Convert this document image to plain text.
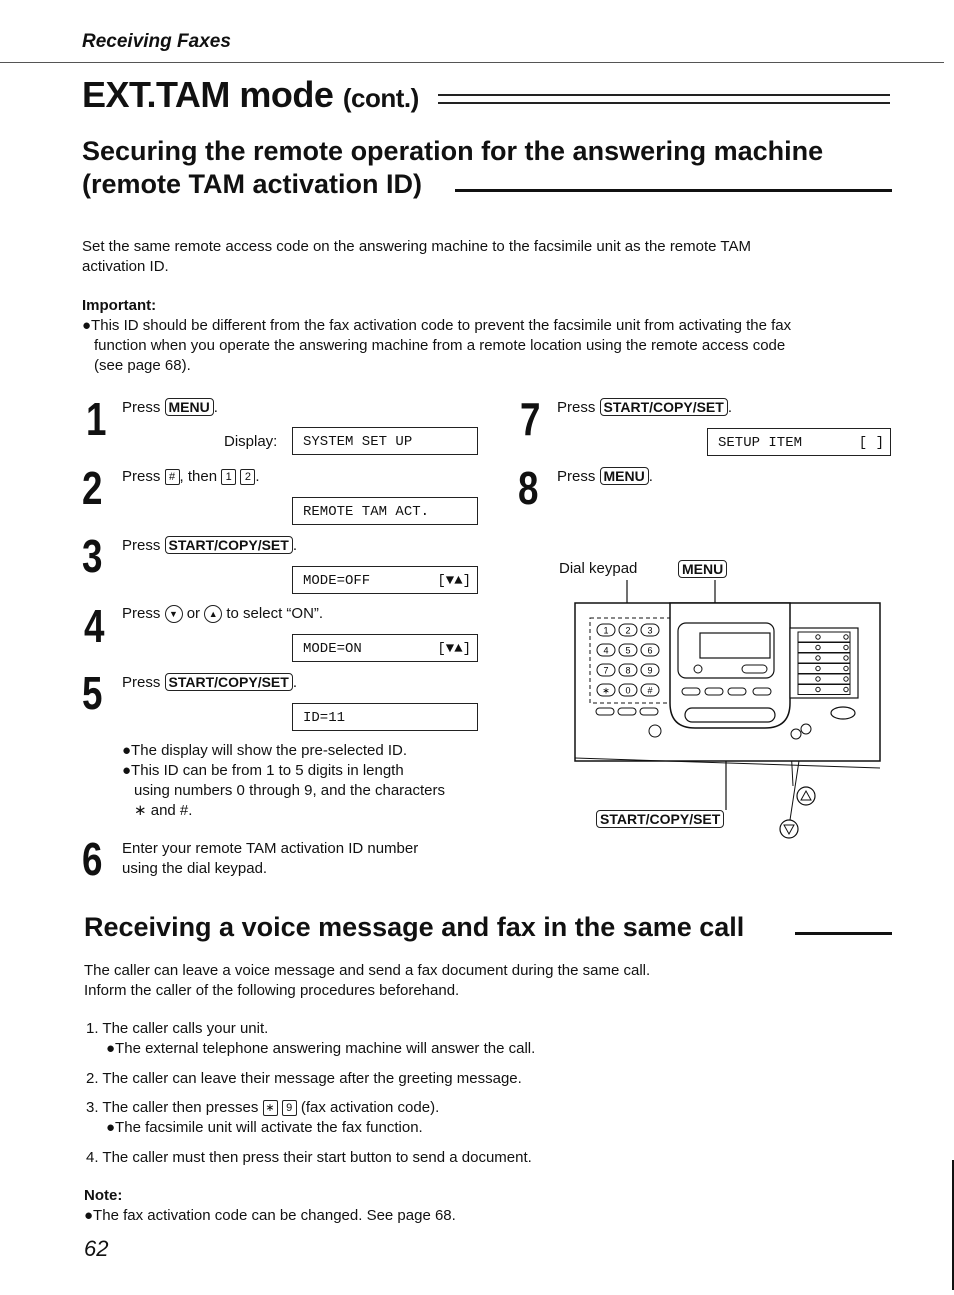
Receiving Faxes
EXT.TAM mode (cont.)
Securing the remote operation for the answering machine
(remote TAM activation ID)
Set the same remote access code on the answering machine to the facsimile unit as the remote TAM
activation ID.
Important:
●This ID should be different from the fax activation code to prevent the facsimile unit from activating the fax
function when you operate the answering machine from a remote location using the remote access code
(see page 68).
1 Press MENU .
Display: SYSTEM SET UP
2 Press # , then 1 2 .
REMOTE TAM ACT.
3 Press START/COPY/SET .
MODE=OFF	[▼▲]
4 Press ▼ or ▲ to select “ON”.
MODE=ON	[▼▲]
5 Press START/COPY/SET .
ID=11
●The display will show the pre-selected ID.
●This ID can be from 1 to 5 digits in length
using numbers 0 through 9, and the characters
∗ and #.
6 Enter your remote TAM activation ID number
using the dial keypad.
7 Press START/COPY/SET .
SETUP ITEM	[ ]
8 Press MENU .
Dial keypad	MENU
START/COPY/SET
1 2 3
4 5 6
7 8 9
∗ 0 #
Receiving a voice message and fax in the same call
The caller can leave a voice message and send a fax document during the same call.
Inform the caller of the following procedures beforehand.
1. The caller calls your unit.
●The external telephone answering machine will answer the call.
2. The caller can leave their message after the greeting message.
3. The caller then presses ∗ 9 (fax activation code).
●The facsimile unit will activate the fax function.
4. The caller must then press their start button to send a document.
Note:
●The fax activation code can be changed. See page 68.
62
